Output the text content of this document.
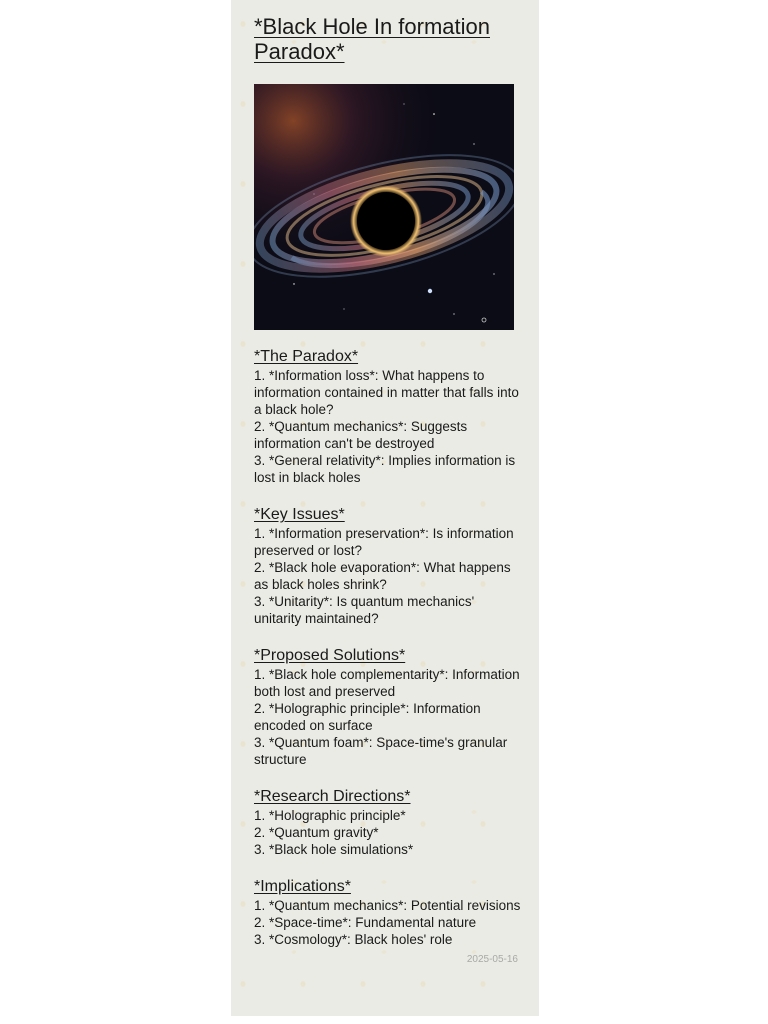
*Black Hole In formation Paradox*
*The Paradox*

1. *Information loss*: What happens to information contained in matter that falls into a black hole?

2. *Quantum mechanics*: Suggests information can't be destroyed

3. *General relativity*: Implies information is lost in black holes

*Key Issues*

1. *Information preservation*: Is information preserved or lost?

2. *Black hole evaporation*: What happens as black holes shrink?

3. *Unitarity*: Is quantum mechanics' unitarity maintained?

*Proposed Solutions*

1. *Black hole complementarity*: Information both lost and preserved

2. *Holographic principle*: Information encoded on surface

3. *Quantum foam*: Space-time's granular structure

*Research Directions*

1. *Holographic principle*

2. *Quantum gravity*

3. *Black hole simulations*

*Implications*

1. *Quantum mechanics*: Potential revisions

2. *Space-time*: Fundamental nature

3. *Cosmology*: Black holes' role

2025-05-16
